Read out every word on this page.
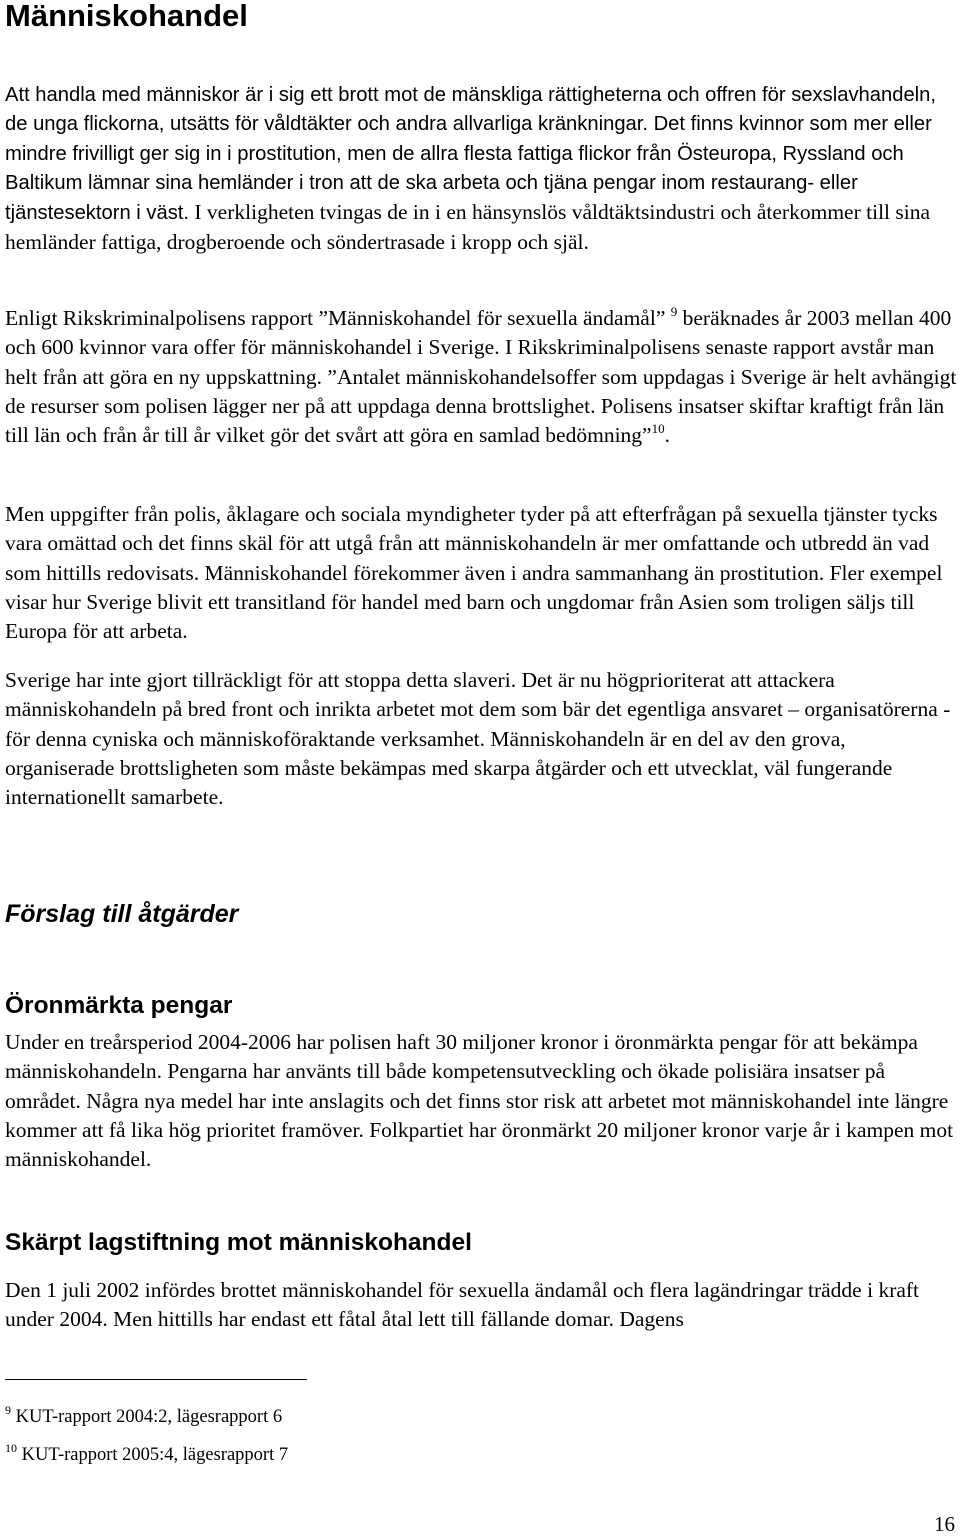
Människohandel

Att handla med människor är i sig ett brott mot de mänskliga rättigheterna och offren för sexslavhandeln, de unga flickorna, utsätts för våldtäkter och andra allvarliga kränkningar. Det finns kvinnor som mer eller mindre frivilligt ger sig in i prostitution, men de allra flesta fattiga flickor från Östeuropa, Ryssland och Baltikum lämnar sina hemländer i tron att de ska arbeta och tjäna pengar inom restaurang- eller tjänstesektorn i väst. I verkligheten tvingas de in i en hänsynslös våldtäktsindustri och återkommer till sina hemländer fattiga, drogberoende och söndertrasade i kropp och själ.

Enligt Rikskriminalpolisens rapport ”Människohandel för sexuella ändamål” $^9$ beräknades år 2003 mellan 400 och 600 kvinnor vara offer för människohandel i Sverige. I Rikskriminalpolisens senaste rapport avstår man helt från att göra en ny uppskattning. ”Antalet människohandelsoffer som uppdagas i Sverige är helt avhängigt de resurser som polisen lägger ner på att uppdaga denna brottslighet. Polisens insatser skiftar kraftigt från län till län och från år till år vilket gör det svårt att göra en samlad bedömning”$^{10}$.

Men uppgifter från polis, åklagare och sociala myndigheter tyder på att efterfrågan på sexuella tjänster tycks vara omättad och det finns skäl för att utgå från att människohandeln är mer omfattande och utbredd än vad som hittills redovisats. Människohandel förekommer även i andra sammanhang än prostitution. Fler exempel visar hur Sverige blivit ett transitland för handel med barn och ungdomar från Asien som troligen säljs till Europa för att arbeta.

Sverige har inte gjort tillräckligt för att stoppa detta slaveri. Det är nu högprioriterat att attackera människohandeln på bred front och inrikta arbetet mot dem som bär det egentliga ansvaret – organisatörerna - för denna cyniska och människoföraktande verksamhet. Människohandeln är en del av den grova, organiserade brottsligheten som måste bekämpas med skarpa åtgärder och ett utvecklat, väl fungerande internationellt samarbete.

Förslag till åtgärder
Öronmärkta pengar

Under en treårsperiod 2004-2006 har polisen haft 30 miljoner kronor i öronmärkta pengar för att bekämpa människohandeln. Pengarna har använts till både kompetensutveckling och ökade polisiära insatser på området. Några nya medel har inte anslagits och det finns stor risk att arbetet mot människohandel inte längre kommer att få lika hög prioritet framöver. Folkpartiet har öronmärkt 20 miljoner kronor varje år i kampen mot människohandel.

Skärpt lagstiftning mot människohandel

Den 1 juli 2002 infördes brottet människohandel för sexuella ändamål och flera lagändringar trädde i kraft under 2004. Men hittills har endast ett fåtal åtal lett till fällande domar. Dagens

$^9$ KUT-rapport 2004:2, lägesrapport 6
$^{10}$ KUT-rapport 2005:4, lägesrapport 7
16
